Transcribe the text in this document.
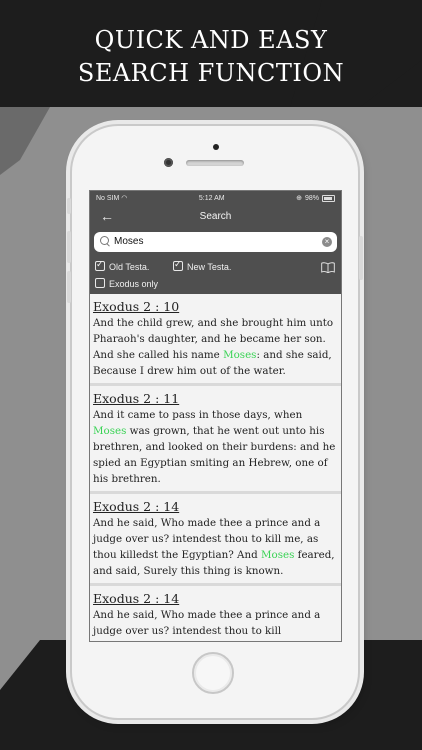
QUICK AND EASY
SEARCH FUNCTION
No SIM ◠	5:12 AM	⊕ 98%
←	Search
Moses	×
✓
Old Testa.
✓	New Testa.
Exodus only
Exodus 2 : 10
And the child grew, and she brought him unto Pharaoh's daughter, and he became her son. And she called his name Moses: and she said, Because I drew him out of the water.
Exodus 2 : 11
And it came to pass in those days, when Moses was grown, that he went out unto his brethren, and looked on their burdens: and he spied an Egyptian smiting an Hebrew, one of his brethren.
Exodus 2 : 14
And he said, Who made thee a prince and a judge over us? intendest thou to kill me, as thou killedst the Egyptian? And Moses feared, and said, Surely this thing is known.
Exodus 2 : 14
And he said, Who made thee a prince and a judge over us? intendest thou to kill
